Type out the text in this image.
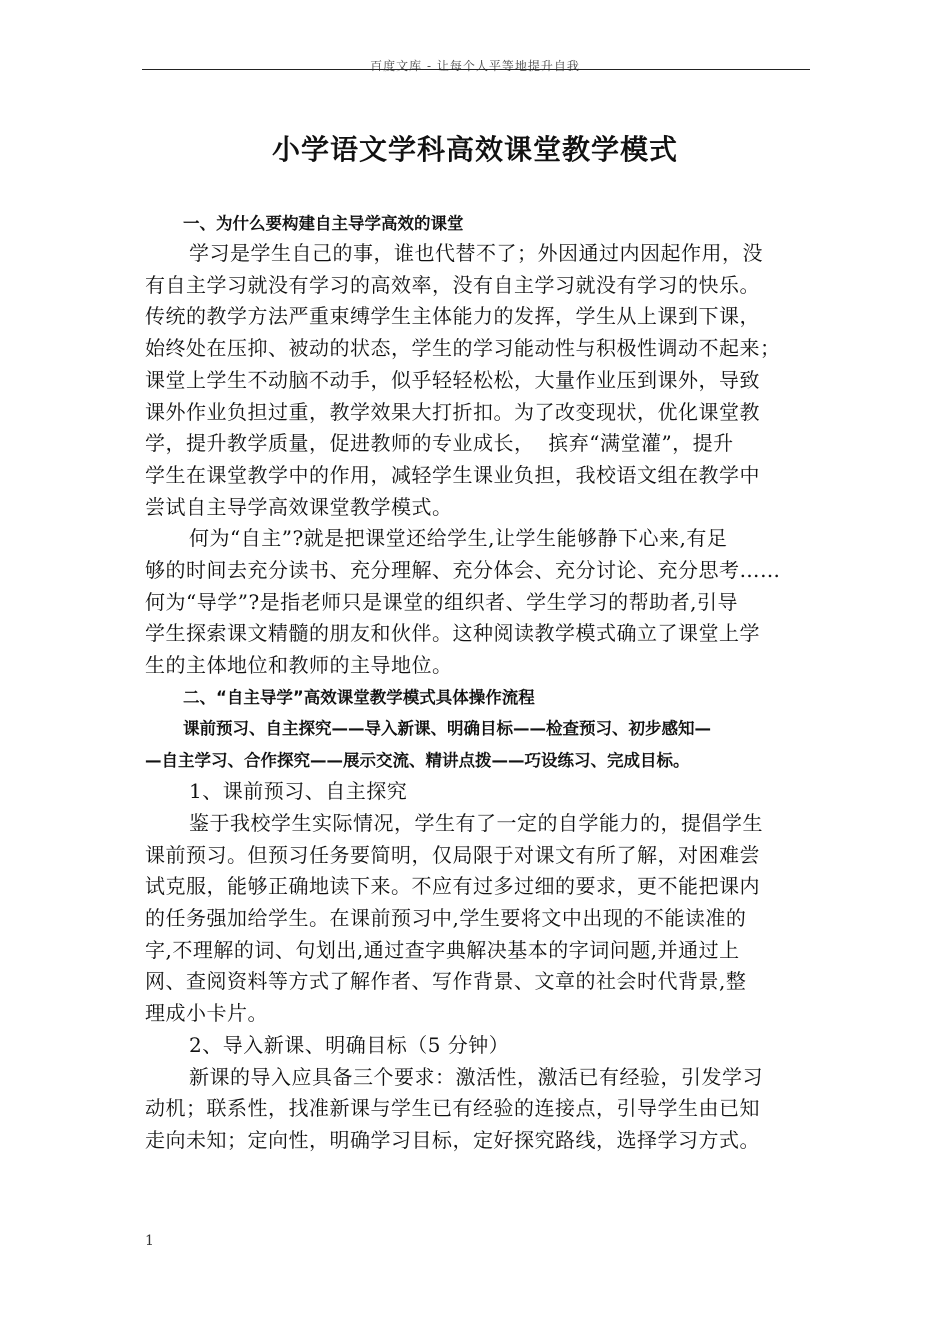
百度文库 - 让每个人平等地提升自我
小学语文学科高效课堂教学模式
一、为什么要构建自主导学高效的课堂
学习是学生自己的事，谁也代替不了；外因通过内因起作用，没
有自主学习就没有学习的高效率，没有自主学习就没有学习的快乐。
传统的教学方法严重束缚学生主体能力的发挥，学生从上课到下课，
始终处在压抑、被动的状态，学生的学习能动性与积极性调动不起来；
课堂上学生不动脑不动手，似乎轻轻松松，大量作业压到课外，导致
课外作业负担过重，教学效果大打折扣。为了改变现状，优化课堂教
学，提升教学质量，促进教师的专业成长，  摈弃“满堂灌”，提升
学生在课堂教学中的作用，减轻学生课业负担，我校语文组在教学中
尝试自主导学高效课堂教学模式。
何为“自主”?就是把课堂还给学生,让学生能够静下心来,有足
够的时间去充分读书、充分理解、充分体会、充分讨论、充分思考……
何为“导学”?是指老师只是课堂的组织者、学生学习的帮助者,引导
学生探索课文精髓的朋友和伙伴。这种阅读教学模式确立了课堂上学
生的主体地位和教师的主导地位。
二、“自主导学”高效课堂教学模式具体操作流程
课前预习、自主探究——导入新课、明确目标——检查预习、初步感知—
—自主学习、合作探究——展示交流、精讲点拨——巧设练习、完成目标。
1、课前预习、自主探究
鉴于我校学生实际情况，学生有了一定的自学能力的，提倡学生
课前预习。但预习任务要简明，仅局限于对课文有所了解，对困难尝
试克服，能够正确地读下来。不应有过多过细的要求，更不能把课内
的任务强加给学生。在课前预习中,学生要将文中出现的不能读准的
字,不理解的词、句划出,通过查字典解决基本的字词问题,并通过上
网、查阅资料等方式了解作者、写作背景、文章的社会时代背景,整
理成小卡片。
2、导入新课、明确目标（5 分钟）
新课的导入应具备三个要求：激活性，激活已有经验，引发学习
动机；联系性，找准新课与学生已有经验的连接点，引导学生由已知
走向未知；定向性，明确学习目标，定好探究路线，选择学习方式。
1
